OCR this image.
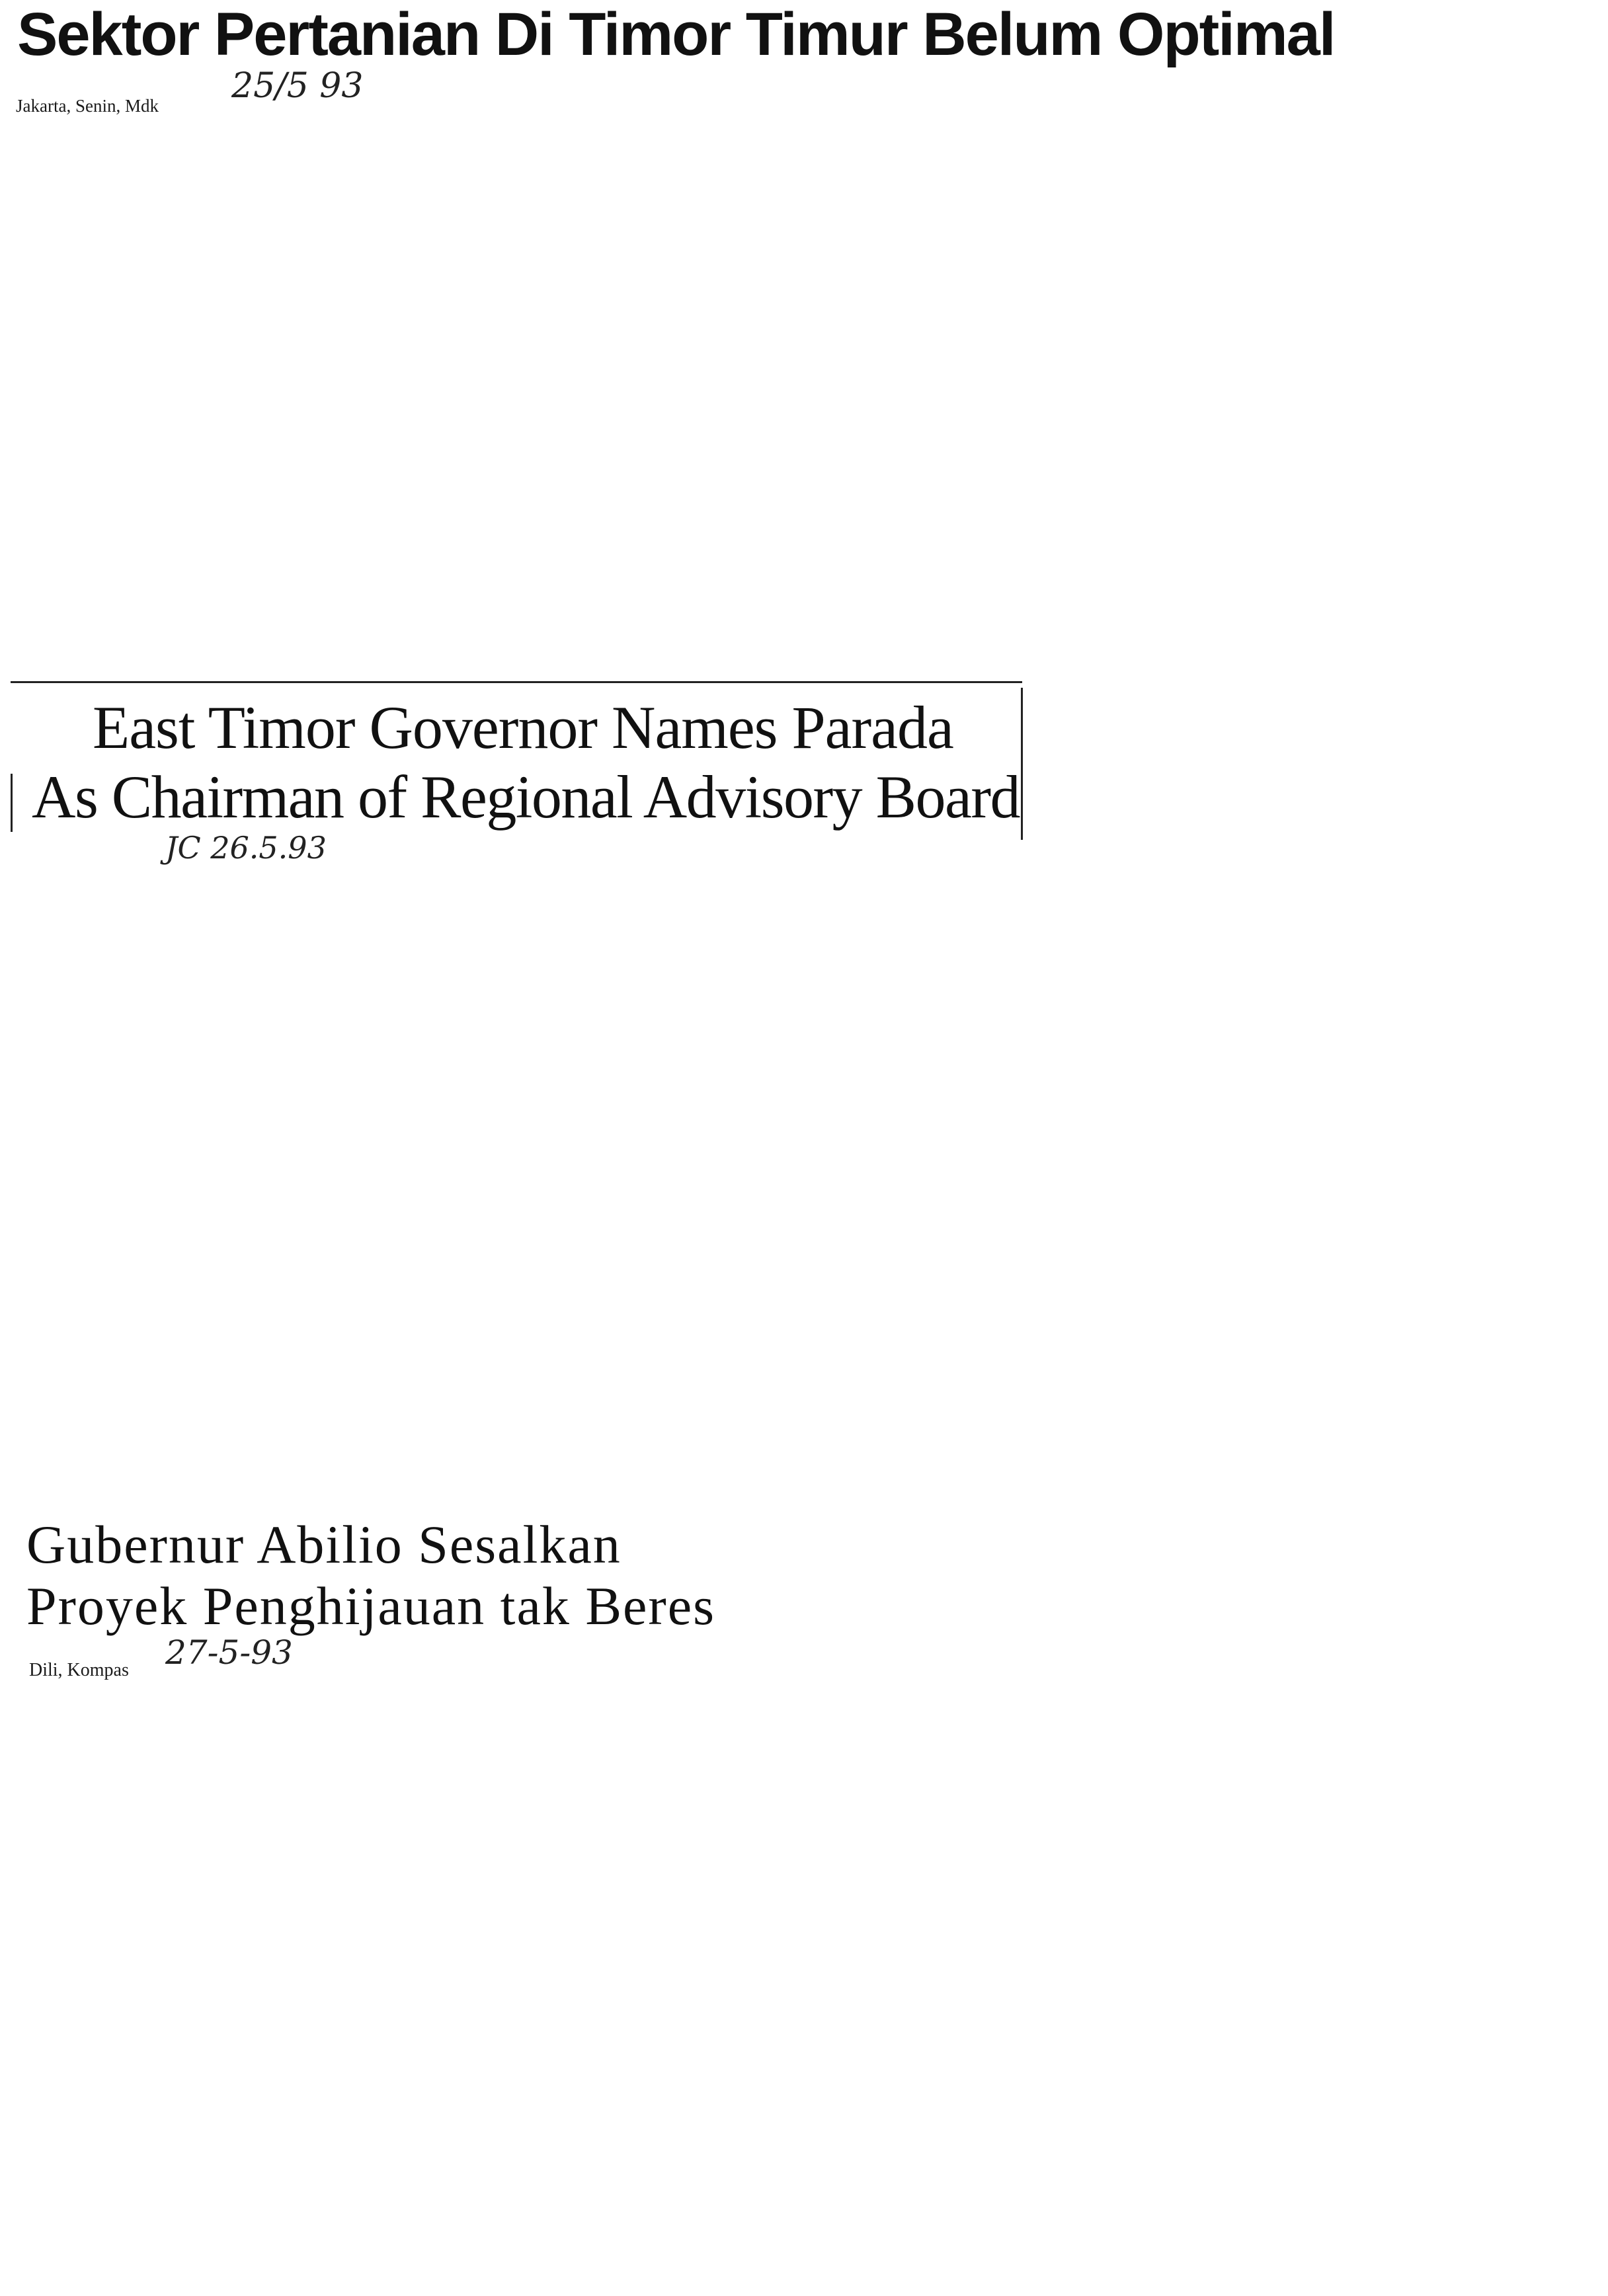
Sektor Pertanian Di Timor Timur Belum Optimal
25/5 93

Jakarta, Senin, Mdk

East Timor Governor Names Parada
As Chairman of Regional Advisory Board
JC 26.5.93
Gubernur Abilio Sesalkan
Proyek Penghijauan tak Beres
27-5-93

Dili, Kompas
